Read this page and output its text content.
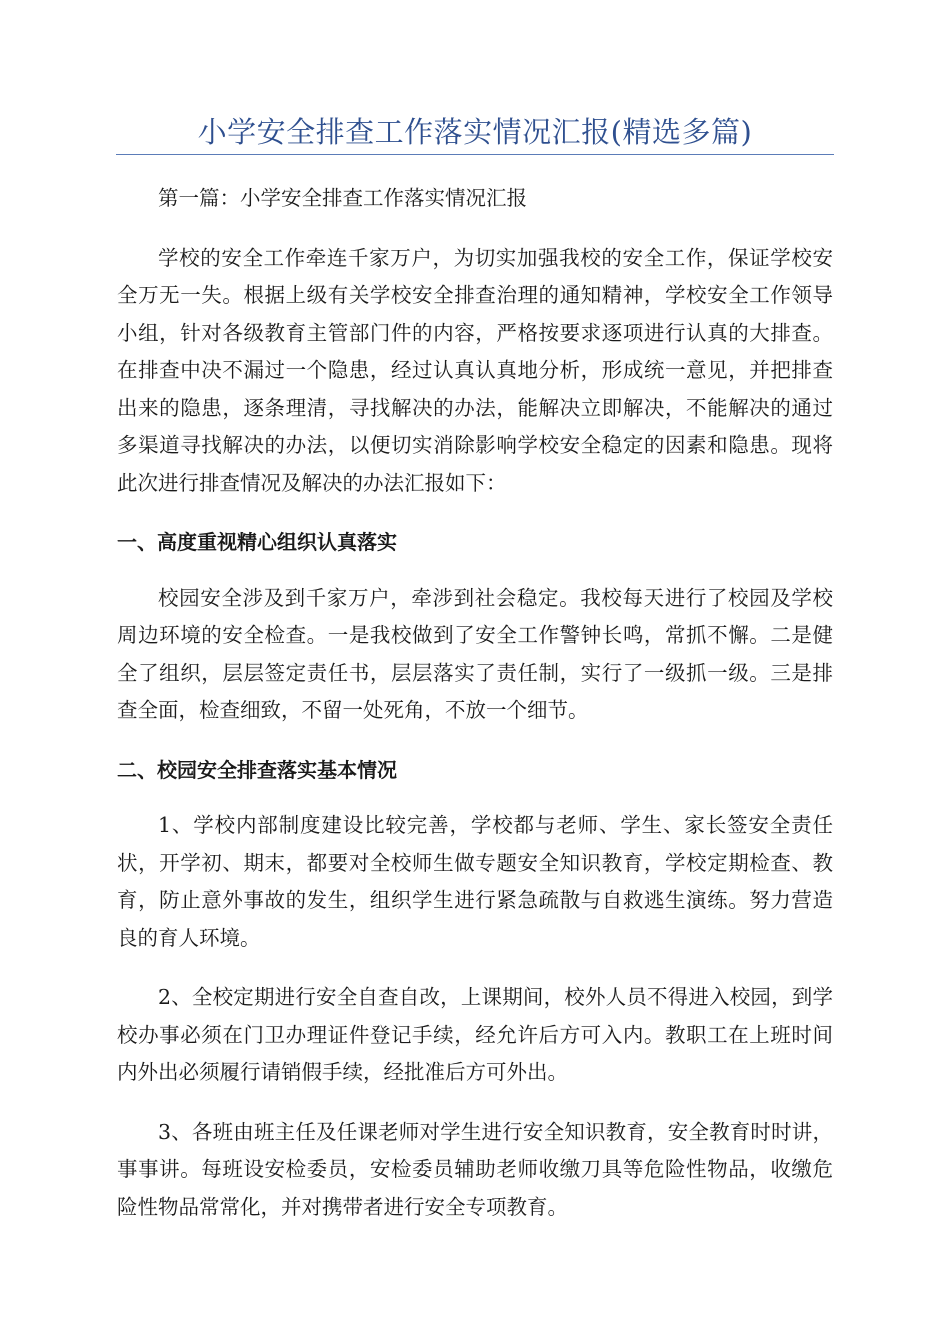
小学安全排查工作落实情况汇报(精选多篇)

第一篇：小学安全排查工作落实情况汇报

学校的安全工作牵连千家万户，为切实加强我校的安全工作，保证学校安全万无一失。根据上级有关学校安全排查治理的通知精神，学校安全工作领导小组，针对各级教育主管部门件的内容，严格按要求逐项进行认真的大排查。在排查中决不漏过一个隐患，经过认真认真地分析，形成统一意见，并把排查出来的隐患，逐条理清，寻找解决的办法，能解决立即解决，不能解决的通过多渠道寻找解决的办法，以便切实消除影响学校安全稳定的因素和隐患。现将此次进行排查情况及解决的办法汇报如下：

一、高度重视精心组织认真落实

校园安全涉及到千家万户，牵涉到社会稳定。我校每天进行了校园及学校周边环境的安全检查。一是我校做到了安全工作警钟长鸣，常抓不懈。二是健全了组织，层层签定责任书，层层落实了责任制，实行了一级抓一级。三是排查全面，检查细致，不留一处死角，不放一个细节。

二、校园安全排查落实基本情况

1、学校内部制度建设比较完善，学校都与老师、学生、家长签安全责任状，开学初、期末，都要对全校师生做专题安全知识教育，学校定期检查、教育，防止意外事故的发生，组织学生进行紧急疏散与自救逃生演练。努力营造良的育人环境。

2、全校定期进行安全自查自改，上课期间，校外人员不得进入校园，到学校办事必须在门卫办理证件登记手续，经允许后方可入内。教职工在上班时间内外出必须履行请销假手续，经批准后方可外出。

3、各班由班主任及任课老师对学生进行安全知识教育，安全教育时时讲，事事讲。每班设安检委员，安检委员辅助老师收缴刀具等危险性物品，收缴危险性物品常常化，并对携带者进行安全专项教育。
